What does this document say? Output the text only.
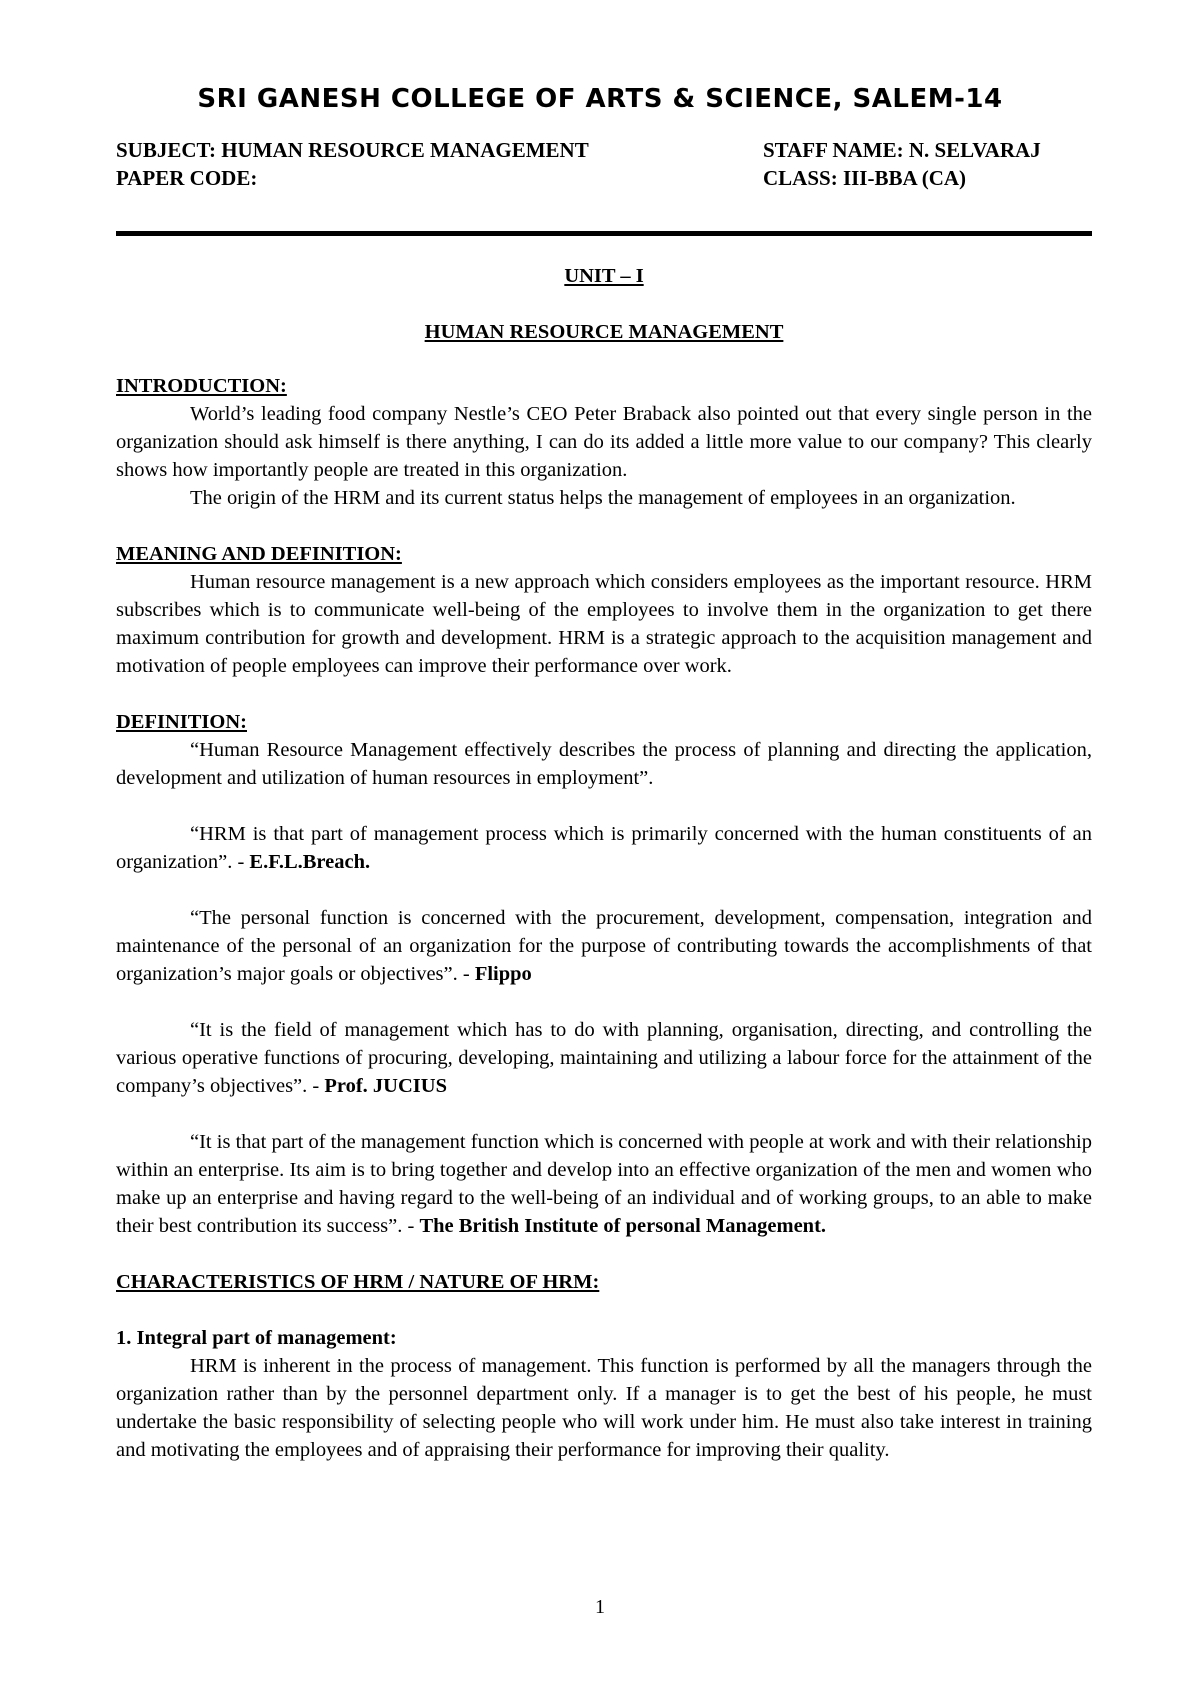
SRI GANESH COLLEGE OF ARTS & SCIENCE, SALEM-14
SUBJECT: HUMAN RESOURCE MANAGEMENT	STAFF NAME: N. SELVARAJ
PAPER CODE:	CLASS: III-BBA (CA)

UNIT – I

HUMAN RESOURCE MANAGEMENT

INTRODUCTION:

World’s leading food company Nestle’s CEO Peter Braback also pointed out that every single person in the organization should ask himself is there anything, I can do its added a little more value to our company? This clearly shows how importantly people are treated in this organization.

The origin of the HRM and its current status helps the management of employees in an organization.

MEANING AND DEFINITION:

Human resource management is a new approach which considers employees as the important resource. HRM subscribes which is to communicate well-being of the employees to involve them in the organization to get there maximum contribution for growth and development. HRM is a strategic approach to the acquisition management and motivation of people employees can improve their performance over work.

DEFINITION:

“Human Resource Management effectively describes the process of planning and directing the application, development and utilization of human resources in employment”.

“HRM is that part of management process which is primarily concerned with the human constituents of an organization”. - E.F.L.Breach.

“The personal function is concerned with the procurement, development, compensation, integration and maintenance of the personal of an organization for the purpose of contributing towards the accomplishments of that organization’s major goals or objectives”. - Flippo

“It is the field of management which has to do with planning, organisation, directing, and controlling the various operative functions of procuring, developing, maintaining and utilizing a labour force for the attainment of the company’s objectives”. - Prof. JUCIUS

“It is that part of the management function which is concerned with people at work and with their relationship within an enterprise. Its aim is to bring together and develop into an effective organization of the men and women who make up an enterprise and having regard to the well-being of an individual and of working groups, to an able to make their best contribution its success”. - The British Institute of personal Management.

CHARACTERISTICS OF HRM / NATURE OF HRM:

1. Integral part of management:

HRM is inherent in the process of management. This function is performed by all the managers through the organization rather than by the personnel department only. If a manager is to get the best of his people, he must undertake the basic responsibility of selecting people who will work under him. He must also take interest in training and motivating the employees and of appraising their performance for improving their quality.

1
